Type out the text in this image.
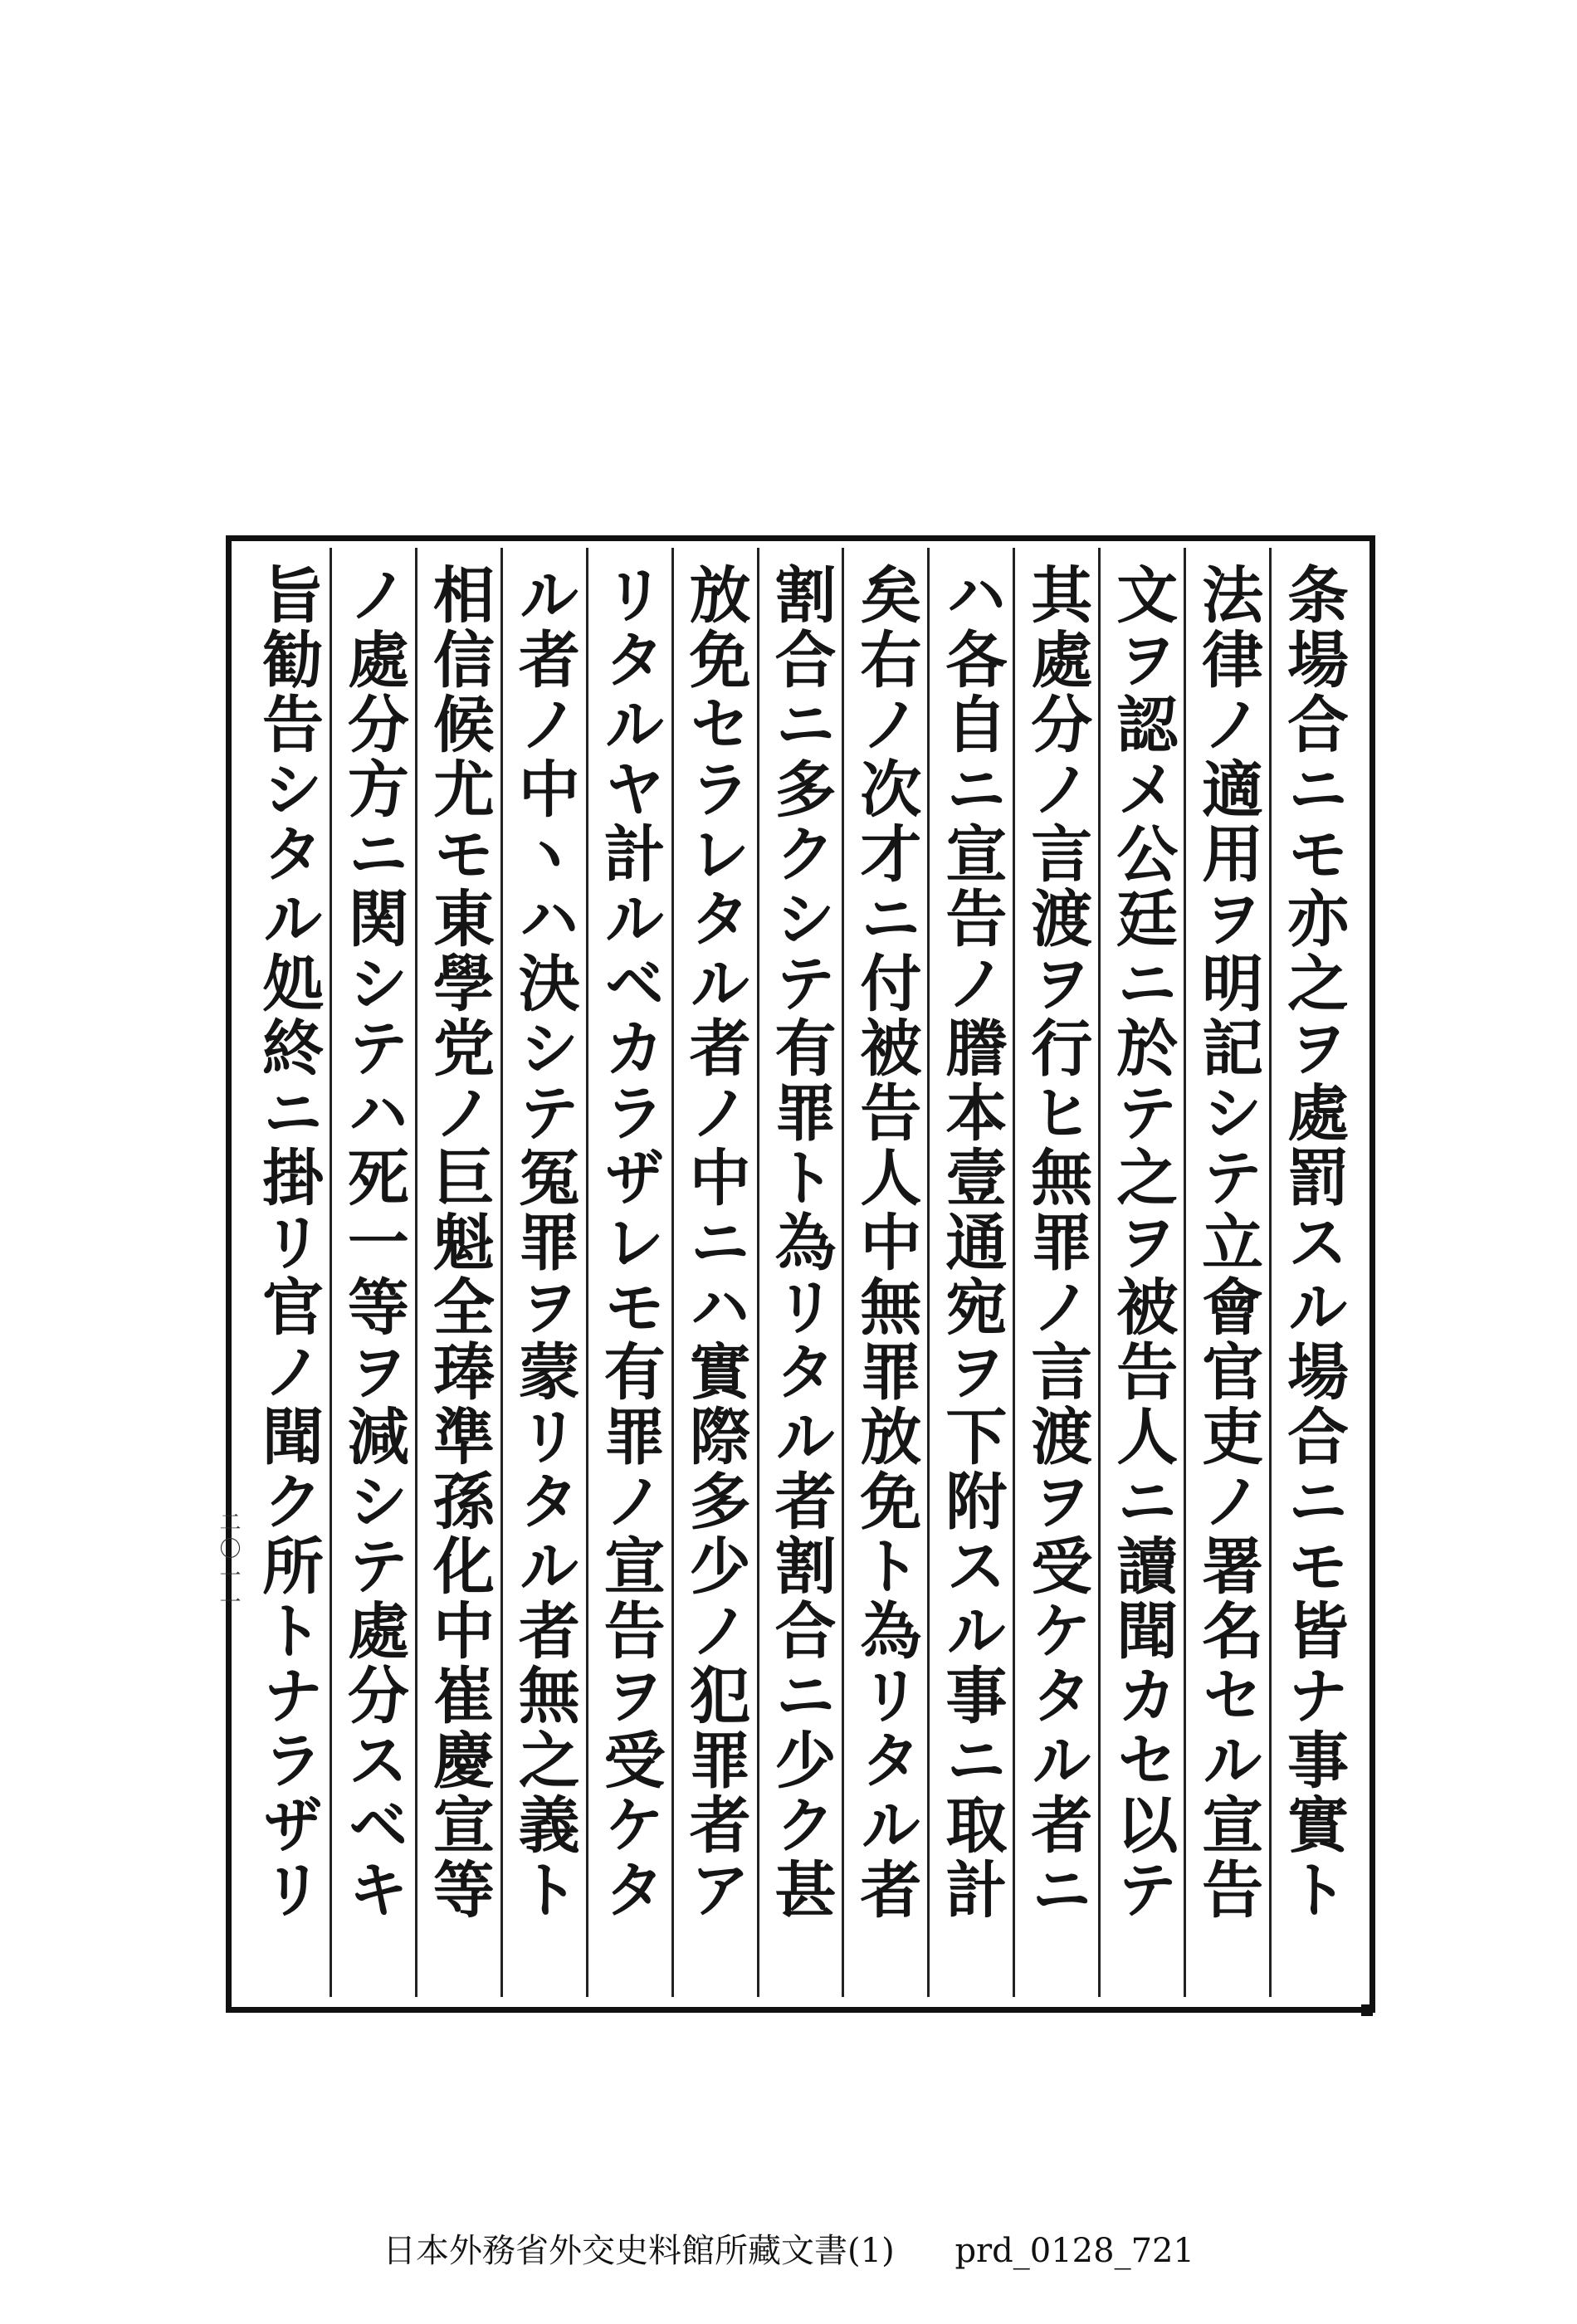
条場合ニモ亦之ヲ處罰スル場合ニモ皆ナ事實ト
法律ノ適用ヲ明記シテ立會官吏ノ署名セル宣告
文ヲ認メ公廷ニ於テ之ヲ被告人ニ讀聞カセ以テ
其處分ノ言渡ヲ行ヒ無罪ノ言渡ヲ受ケタル者ニ
ハ各自ニ宣告ノ謄本壹通宛ヲ下附スル事ニ取計
矣右ノ次才ニ付被告人中無罪放免ト為リタル者
割合ニ多クシテ有罪ト為リタル者割合ニ少ク甚
放免セラレタル者ノ中ニハ實際多少ノ犯罪者ア
リタルヤ計ルベカラザレモ有罪ノ宣告ヲ受ケタ
ル者ノ中ヽハ決シテ冤罪ヲ蒙リタル者無之義ト
相信候尤モ東學党ノ巨魁全琫準孫化中崔慶宣等
ノ處分方ニ関シテハ死一等ヲ減シテ處分スベキ
旨勧告シタル処終ニ掛リ官ノ聞ク所トナラザリ
二〇一一
日本外務省外交史料館所藏文書(1) prd_0128_721
